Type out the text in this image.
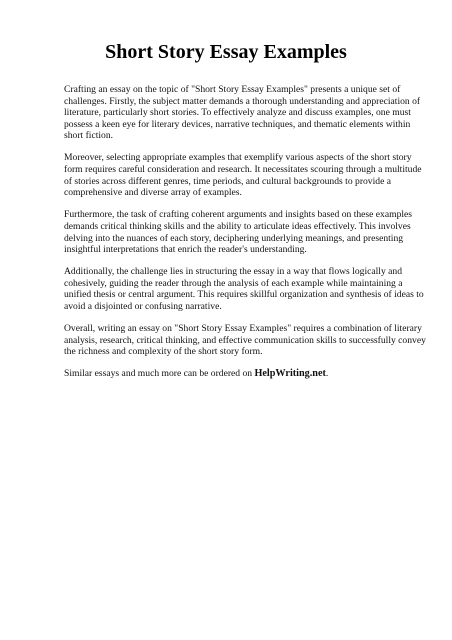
Short Story Essay Examples

Crafting an essay on the topic of "Short Story Essay Examples" presents a unique set of challenges. Firstly, the subject matter demands a thorough understanding and appreciation of literature, particularly short stories. To effectively analyze and discuss examples, one must possess a keen eye for literary devices, narrative techniques, and thematic elements within short fiction.

Moreover, selecting appropriate examples that exemplify various aspects of the short story form requires careful consideration and research. It necessitates scouring through a multitude of stories across different genres, time periods, and cultural backgrounds to provide a comprehensive and diverse array of examples.

Furthermore, the task of crafting coherent arguments and insights based on these examples demands critical thinking skills and the ability to articulate ideas effectively. This involves delving into the nuances of each story, deciphering underlying meanings, and presenting insightful interpretations that enrich the reader's understanding.

Additionally, the challenge lies in structuring the essay in a way that flows logically and cohesively, guiding the reader through the analysis of each example while maintaining a unified thesis or central argument. This requires skillful organization and synthesis of ideas to avoid a disjointed or confusing narrative.

Overall, writing an essay on "Short Story Essay Examples" requires a combination of literary analysis, research, critical thinking, and effective communication skills to successfully convey the richness and complexity of the short story form.

Similar essays and much more can be ordered on HelpWriting.net.
